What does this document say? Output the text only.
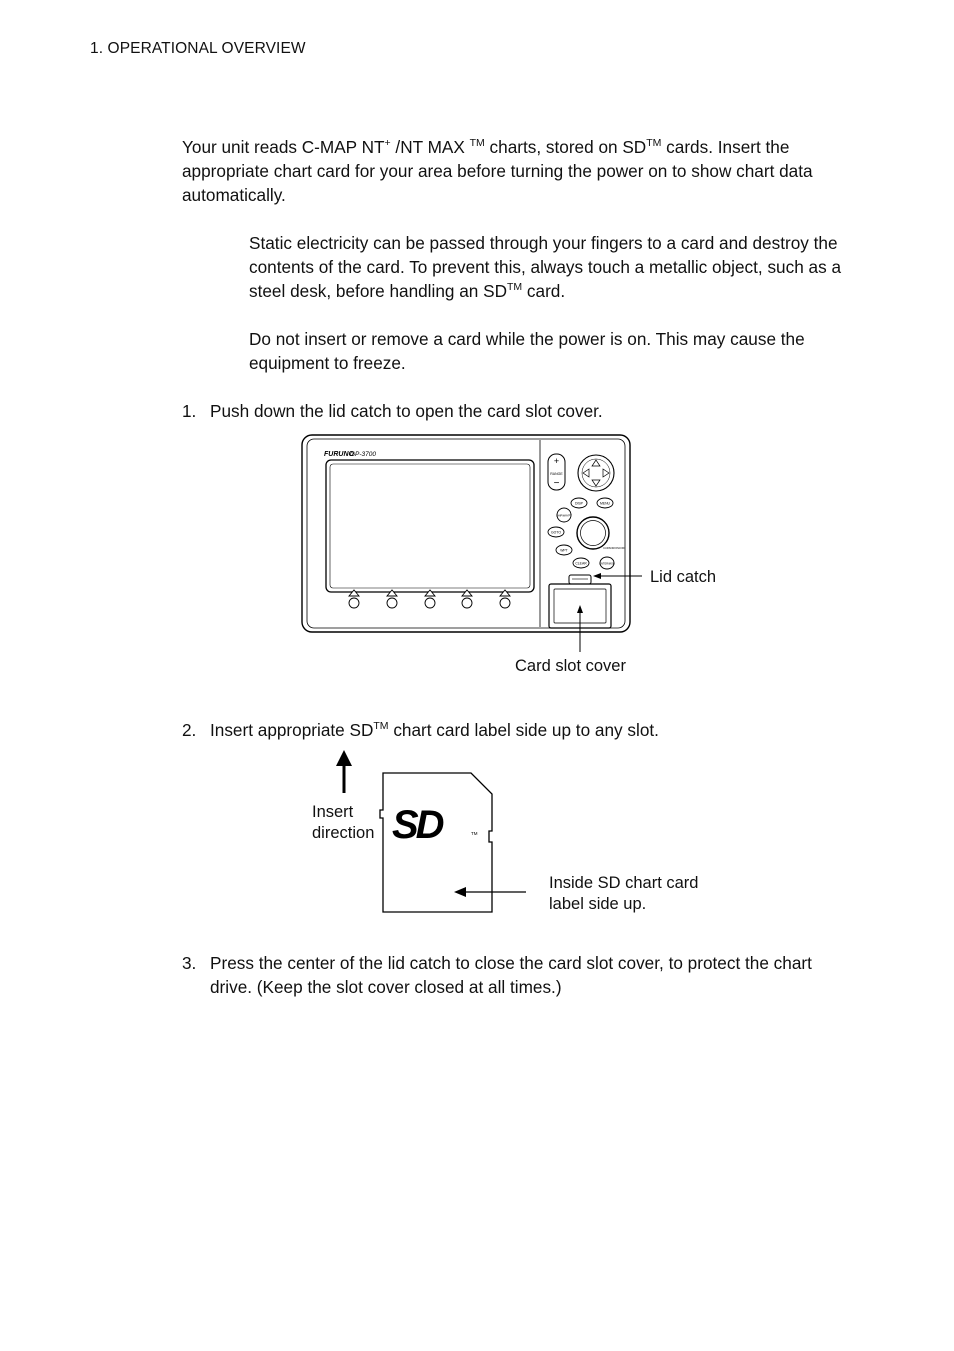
1. OPERATIONAL OVERVIEW
Your unit reads C-MAP NT+ /NT MAX ™ charts, stored on SD™ cards. Insert the appropriate chart card for your area before turning the power on to show chart data automatically.
Static electricity can be passed through your fingers to a card and destroy the contents of the card. To prevent this, always touch a metallic object, such as a steel desk, before handling an SD™ card.
Do not insert or remove a card while the power is on. This may cause the equipment to freeze.
1. Push down the lid catch to open the card slot cover.
FURUNO
GP-3700
+
RANGE
−
DISP	MENU
SHIP/WAYPT
GOTO
WPT
CLEAR	ENTER/MOB
CURSOR/ON/OFF
Lid catch
Card slot cover
2. Insert appropriate SD™ chart card label side up to any slot.
SD	TM
Insert
direction
Inside SD chart card
label side up.
3. Press the center of the lid catch to close the card slot cover, to protect the chart drive. (Keep the slot cover closed at all times.)
